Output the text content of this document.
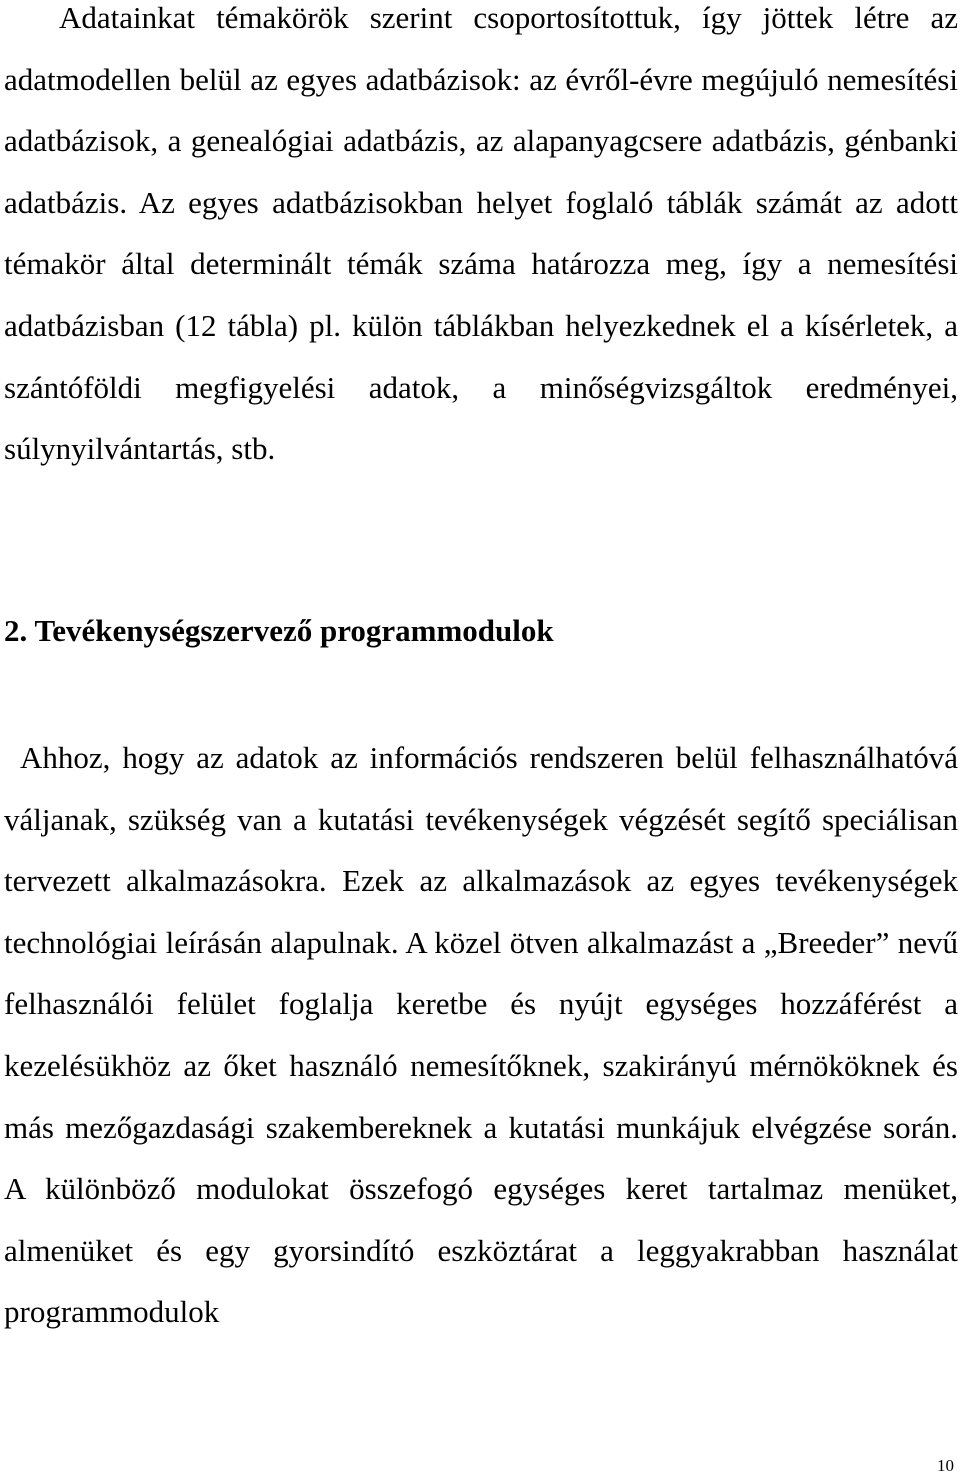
Adatainkat témakörök szerint csoportosítottuk, így jöttek létre az adatmodellen belül az egyes adatbázisok: az évről-évre megújuló nemesítési adatbázisok, a genealógiai adatbázis, az alapanyagcsere adatbázis, génbanki adatbázis. Az egyes adatbázisokban helyet foglaló táblák számát az adott témakör által determinált témák száma határozza meg, így a nemesítési adatbázisban (12 tábla) pl. külön táblákban helyezkednek el a kísérletek, a szántóföldi megfigyelési adatok, a minőségvizsgáltok eredményei, súlynyilvántartás, stb.

2. Tevékenységszervező programmodulok

Ahhoz, hogy az adatok az információs rendszeren belül felhasználhatóvá váljanak, szükség van a kutatási tevékenységek végzését segítő speciálisan tervezett alkalmazásokra. Ezek az alkalmazások az egyes tevékenységek technológiai leírásán alapulnak. A közel ötven alkalmazást a „Breeder” nevű felhasználói felület foglalja keretbe és nyújt egységes hozzáférést a kezelésükhöz az őket használó nemesítőknek, szakirányú mérnököknek és más mezőgazdasági szakembereknek a kutatási munkájuk elvégzése során. A különböző modulokat összefogó egységes keret tartalmaz menüket, almenüket és egy gyorsindító eszköztárat a leggyakrabban használat programmodulok

10
